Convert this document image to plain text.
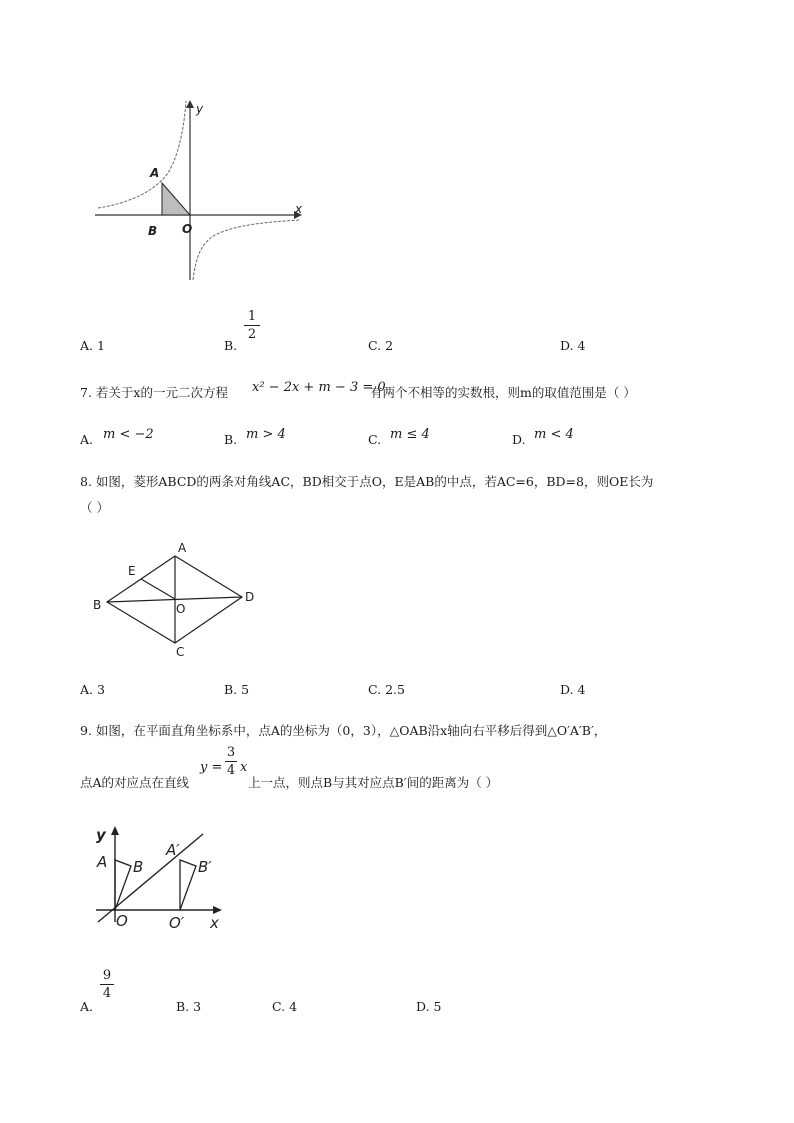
y
x
A
B O
A. 1	B.
1
2
C. 2	D. 4
7. 若关于x的一元二次方程 x² − 2x + m − 3 = 0
有两个不相等的实数根，则m的取值范围是（ ）
A. m < −2	B. m > 4	C. m ≤ 4	D. m < 4
8. 如图，菱形ABCD的两条对角线AC，BD相交于点O，E是AB的中点，若AC=6，BD=8，则OE长为
（ ）
A
E
B	O
D
C
A. 3	B. 5	C. 2.5	D. 4
9. 如图，在平面直角坐标系中，点A的坐标为（0，3），△OAB沿x轴向右平移后得到△O′A′B′，
点A的对应点在直线
y =
3
4 x
上一点，则点B与其对应点B′间的距离为（ ）
y
A B
O
A′
B′
O′ x
A.
9
4
B. 3	C. 4	D. 5
